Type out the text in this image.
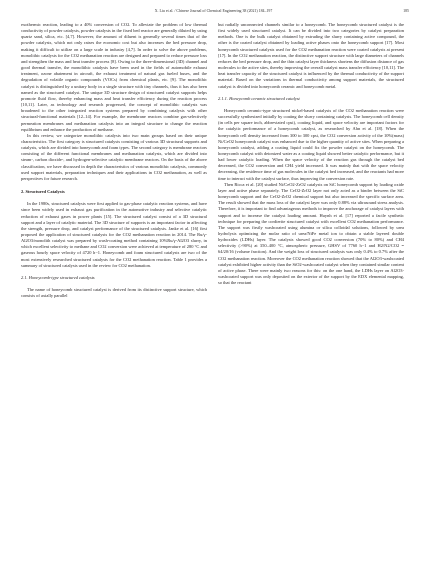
X. Liu et al. / Chinese Journal of Chemical Engineering 38 (2021) 184–197	185

exothermic reaction, leading to a 40% conversion of CO2. To alleviate the problem of low thermal conductivity of powder catalysts, powder catalysts in the fixed bed reactor are generally diluted by using quartz sand, silica, etc. [4,7]. However, the amount of diluent is generally several times that of the powder catalysts, which not only raises the economic cost but also increases the bed pressure drop, making it difficult to utilize on a large scale in industry [4,7]. In order to solve the above problems, monolithic catalysts for the CO2 methanation reaction are designed and prepared to reduce pressure loss and strengthen the mass and heat transfer process [8]. Owing to the three-dimensional (3D) channel and good thermal transfer, the monolithic catalysts have been used in the fields of automobile exhaust treatment, ozone abatement in aircraft, the exhaust treatment of natural gas fueled buses, and the degradation of volatile organic compounds (VOCs) from chemical plants, etc. [9]. The monolithic catalyst is distinguished by a unitary body in a single structure with tiny channels, thus it has also been named as the structured catalyst. The unique 3D structure design of structured catalyst supports helps promote fluid flow, thereby enhancing mass and heat transfer efficiency during the reaction process [10,11]. Later, as technology and research progressed, the concept of monolithic catalysts was broadened to the other integrated reaction systems prepared by combining catalysts with other structural-functional materials [12–14]. For example, the membrane reactors combine gas-selectively permeation membranes and methanation catalysts into an integral structure to change the reaction equilibrium and enhance the production of methane.

In this review, we categorize monolithic catalysts into two main groups based on their unique characteristics. The first category is structured catalysts consisting of various 3D structural supports and catalysts, which are divided into honeycomb and foam types. The second category is membrane reactors consisting of the different functional membranes and methanation catalysts, which are divided into steam-, carbon dioxide-, and hydrogen-selective catalytic membrane reactors. On the basis of the above classification, we have discussed in depth the characteristics of various monolithic catalysts, commonly used support materials, preparation techniques and their applications in CO2 methanation, as well as perspectives for future research.

2. Structured Catalysts

In the 1980s, structured catalysts were first applied to gas-phase catalytic reaction systems, and have since been widely used in exhaust gas purification in the automotive industry and selective catalytic reduction of exhaust gases in power plants [15]. The structured catalyst consist of a 3D structural support and a layer of catalytic material. The 3D structure of supports is an important factor in affecting the strength, pressure drop, and catalyst performance of the structured catalysts. Janke et al. [16] first proposed the application of structured catalysts for the CO2 methanation reaction in 2014. The Ru/γ-Al2O3/monolith catalyst was prepared by wash-coating method containing 10%Ru/γ-Al2O3 slurry, in which excellent selectivity to methane and CO2 conversion were achieved at temperature of 280 °C and gaseous hourly space velocity of 4720 h−1. Honeycomb and foam structured catalysts are two of the most extensively researched structured catalysts for the CO2 methanation reaction. Table 1 provides a summary of structured catalysts used in the review for CO2 methanation.

2.1. Honeycomb-type structured catalysts

The name of honeycomb structured catalyst is derived from its distinctive support structure, which consists of axially parallel

but radially unconnected channels similar to a honeycomb. The honeycomb structured catalyst is the first widely used structured catalyst. It can be divided into two categories by catalyst preparation methods. One is the bulk catalyst obtained by extruding the slurry containing active compound, the other is the coated catalyst obtained by loading active phases onto the honeycomb support [17]. Most honeycomb structured catalysts used for the CO2 methanation reaction were coated catalysts at present [17]. In the CO2 methanation reaction, the distinctive support structure with large diameters of channels reduces the bed pressure drop, and the thin catalyst layer thickness shortens the diffusion distance of gas molecules to the active sites, thereby improving the overall catalyst mass transfer efficiency [10,11]. The heat transfer capacity of the structured catalyst is influenced by the thermal conductivity of the support material. Based on the variations in thermal conductivity among support materials, the structured catalyst is divided into honeycomb ceramic and honeycomb metal.

2.1.1. Honeycomb ceramic structured catalyst

Honeycomb ceramic-type structured nickel-based catalysts of the CO2 methanation reaction were successfully synthesized initially by coating the slurry containing catalysts. The honeycomb cell density (in cells per square inch, abbreviated cpsi), coating liquid, and space velocity are important factors for the catalytic performance of a honeycomb catalyst, as researched by Ahn et al. [18]. When the honeycomb cell density increased from 300 to 300 cpsi, the CO2 conversion activity of the 10%(mass) Ni/CeO2 honeycomb catalyst was enhanced due to the higher quantity of active sites. When preparing a honeycomb catalyst, adding a coating liquid could fix the powder catalyst on the honeycomb. The honeycomb catalyst with deionized water as a coating liquid showed better catalytic performance, but it had lower catalytic loading. When the space velocity of the reaction gas through the catalyst bed decreased, the CO2 conversion and CH4 yield increased. It was mainly that with the space velocity decreasing, the residence time of gas molecules in the catalyst bed increased, and the reactants had more time to interact with the catalyst surface, thus improving the conversion rate.

Then Ricca et al. [20] studied Ni/CeO2-ZrO2 catalysts on SiC honeycomb support by loading oxide layer and active phase separately. The CeO2-ZrO2 layer not only acted as a binder between the SiC honeycomb support and the CeO2-ZrO2 chemical support but also increased the specific surface area. The result showed that the mass loss of the catalyst layer was only 0.88% via ultrasound stress analysis. Therefore, it is important to find advantageous methods to improve the anchorage of catalyst layers with support and to increase the catalyst loading amount. Huynh et al. [17] reported a facile synthetic technique for preparing the cordierite structured catalyst with excellent CO2 methanation performance. The support was firstly washcoated using alumina or silica colloidal solutions, followed by urea hydrolysis optimizing the molar ratio of urea/NiFe metal ion to obtain a stable layered double hydroxides (LDHs) layer. The catalysts showed good CO2 conversion (70% to 80%) and CH4 selectivity (>90%) at 350–400 °C, atmospheric pressure, GHSV of 7760 h−1 and H2/N2/CO2 = 64/20/16 (volume fraction). And the weight loss of structured catalysts was only 0.4% to 0.7% after the CO2 methanation reaction. Moreover the CO2 methanation reaction showed that the Al2O3-washcoated catalyst exhibited higher activity than the SiO2-washcoated catalyst when they contained similar content of active phase. There were mainly two reasons for this: on the one hand, the LDHs layer on Al2O3-washcoated support was only deposited on the exterior of the support by the EDX elemental mapping, so that the reactant
